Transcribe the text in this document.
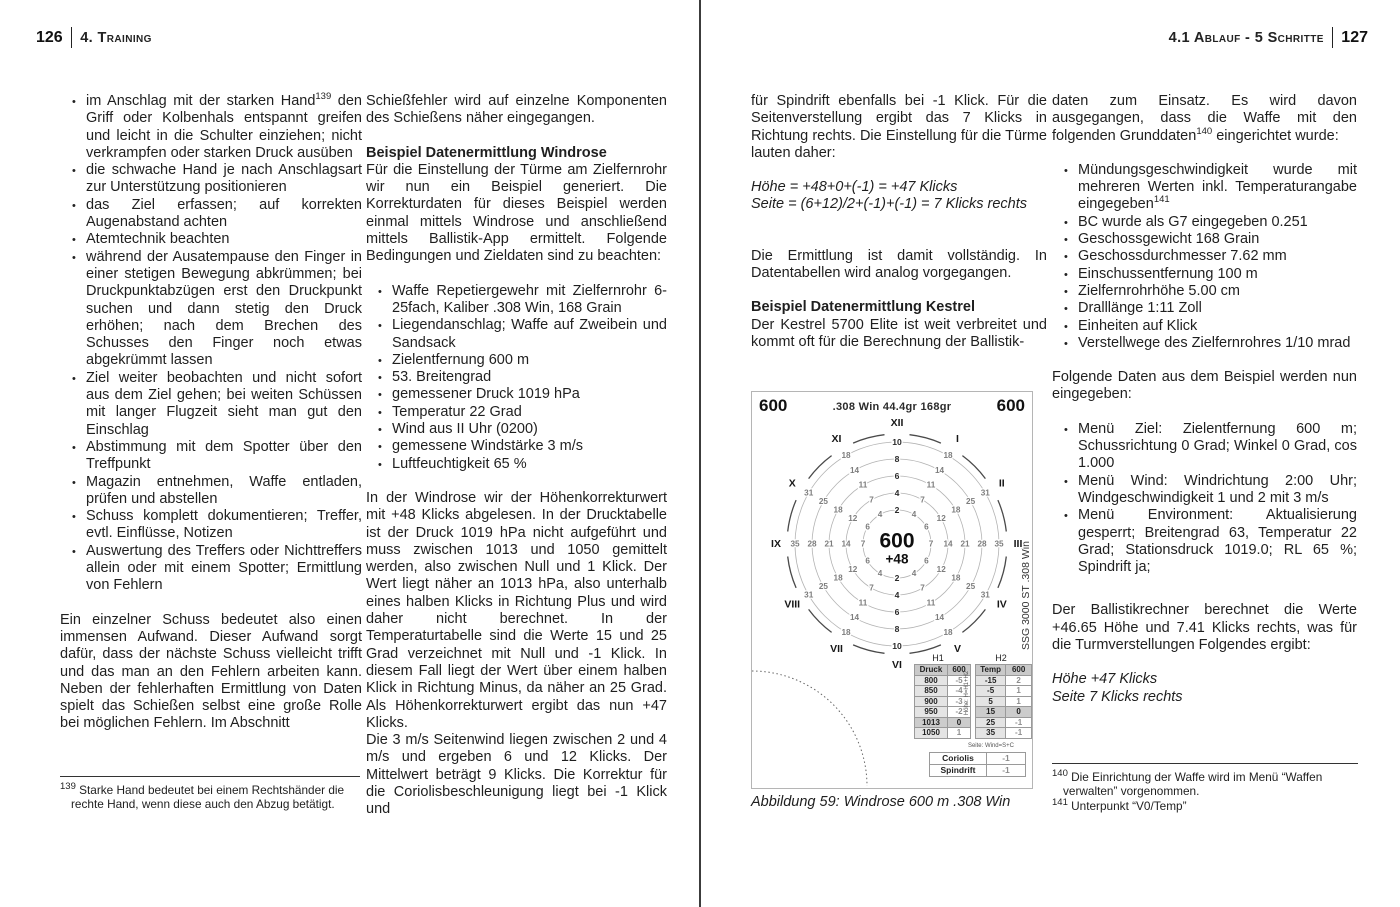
126 4. Training	4.1 Ablauf - 5 Schritte 127
• im Anschlag mit der starken Hand$^{139}$ den Griff oder Kolbenhals entspannt greifen und leicht in die Schulter einziehen; nicht verkrampfen oder starken Druck ausüben
• die schwache Hand je nach Anschlagsart zur Unterstützung positionieren
• das Ziel erfassen; auf korrekten Augenabstand achten
• Atemtechnik beachten
• während der Ausatempause den Finger in einer stetigen Bewegung abkrümmen; bei Druckpunktabzügen erst den Druckpunkt suchen und dann stetig den Druck erhöhen; nach dem Brechen des Schusses den Finger noch etwas abgekrümmt lassen
• Ziel weiter beobachten und nicht sofort aus dem Ziel gehen; bei weiten Schüssen mit langer Flugzeit sieht man gut den Einschlag
• Abstimmung mit dem Spotter über den Treffpunkt
• Magazin entnehmen, Waffe entladen, prüfen und abstellen
• Schuss komplett dokumentieren; Treffer, evtl. Einflüsse, Notizen
• Auswertung des Treffers oder Nichttreffers allein oder mit einem Spotter; Ermittlung von Fehlern

Ein einzelner Schuss bedeutet also einen immensen Aufwand. Dieser Aufwand sorgt dafür, dass der nächste Schuss vielleicht trifft und das man an den Fehlern arbeiten kann. Neben der fehlerhaften Ermittlung von Daten spielt das Schießen selbst eine große Rolle bei möglichen Fehlern. Im Abschnitt

Schießfehler wird auf einzelne Komponenten des Schießens näher eingegangen.

Beispiel Datenermittlung Windrose

Für die Einstellung der Türme am Zielfernrohr wir nun ein Beispiel generiert. Die Korrekturdaten für dieses Beispiel werden einmal mittels Windrose und anschließend mittels Ballistik-App ermittelt. Folgende Bedingungen und Zieldaten sind zu beachten:

• Waffe Repetiergewehr mit Zielfernrohr 6-25fach, Kaliber .308 Win, 168 Grain
• Liegendanschlag; Waffe auf Zweibein und Sandsack
• Zielentfernung 600 m
• 53. Breitengrad
• gemessener Druck 1019 hPa
• Temperatur 22 Grad
• Wind aus II Uhr (0200)
• gemessene Windstärke 3 m/s
• Luftfeuchtigkeit 65 %

In der Windrose wir der Höhenkorrekturwert mit +48 Klicks abgelesen. In der Drucktabelle ist der Druck 1019 hPa nicht aufgeführt und muss zwischen 1013 und 1050 gemittelt werden, also zwischen Null und 1 Klick. Der Wert liegt näher an 1013 hPa, also unterhalb eines halben Klicks in Richtung Plus und wird daher nicht berechnet. In der Temperaturtabelle sind die Werte 15 und 25 Grad verzeichnet mit Null und -1 Klick. In diesem Fall liegt der Wert über einem halben Klick in Richtung Minus, da näher an 25 Grad. Als Höhenkorrekturwert ergibt das nun +47 Klicks.

Die 3 m/s Seitenwind liegen zwischen 2 und 4 m/s und ergeben 6 und 12 Klicks. Der Mittelwert beträgt 9 Klicks. Die Korrektur für die Coriolisbeschleunigung liegt bei -1 Klick und

$^{139}$ Starke Hand bedeutet bei einem Rechtshänder die rechte Hand, wenn diese auch den Abzug betätigt.

für Spindrift ebenfalls bei -1 Klick. Für die Seitenverstellung ergibt das 7 Klicks in Richtung rechts. Die Einstellung für die Türme lauten daher:

Höhe = +48+0+(-1) = +47 Klicks

Seite = (6+12)/2+(-1)+(-1) = 7 Klicks rechts

Die Ermittlung ist damit vollständig. In Datentabellen wird analog vorgegangen.

Beispiel Datenermittlung Kestrel

Der Kestrel 5700 Elite ist weit verbreitet und kommt oft für die Berechnung der Ballistik-

600	600
.308 Win 44.4gr 168gr
SSG 3000 ST .308 Win
2
4
6
8
10
4
7
11
14
18
6
12
18
25
31
7 14 21 28 35
6
12
18
25
31
4
7
11
14
18
2
4
6
8
10
4
7
11
14
18
6
12
18
25
31
7
14
21
28
35
6
12
18
25
31
4
7
11
14
18
XII
I
II
III
IV
V
VI
VII
VIII
IX
X
XI
600
+48
H1	H2
Druck	600
800	-5
850	-4
900	-3
950	-2
1013	0
1050	1
Temp	600
-15	2
-5	1
5	1
15	0
25	-1
35	-1
Höhe: H=H1+H2
Seite: Wind=S+C
Coriolis	-1
Spindrift	-1
Abbildung 59: Windrose 600 m .308 Win

daten zum Einsatz. Es wird davon ausgegangen, dass die Waffe mit den folgenden Grunddaten$^{140}$ eingerichtet wurde:

• Mündungsgeschwindigkeit wurde mit mehreren Werten inkl. Temperaturangabe eingegeben$^{141}$
• BC wurde als G7 eingegeben 0.251
• Geschossgewicht 168 Grain
• Geschossdurchmesser 7.62 mm
• Einschussentfernung 100 m
• Zielfernrohrhöhe 5.00 cm
• Dralllänge 1:11 Zoll
• Einheiten auf Klick
• Verstellwege des Zielfernrohres 1/10 mrad

Folgende Daten aus dem Beispiel werden nun eingegeben:

• Menü Ziel: Zielentfernung 600 m; Schussrichtung 0 Grad; Winkel 0 Grad, cos 1.000
• Menü Wind: Windrichtung 2:00 Uhr; Windgeschwindigkeit 1 und 2 mit 3 m/s
• Menü Environment: Aktualisierung gesperrt; Breitengrad 63, Temperatur 22 Grad; Stationsdruck 1019.0; RL 65 %; Spindrift ja;

Der Ballistikrechner berechnet die Werte +46.65 Höhe und 7.41 Klicks rechts, was für die Turmverstellungen Folgendes ergibt:

Höhe +47 Klicks

Seite 7 Klicks rechts

$^{140}$ Die Einrichtung der Waffe wird im Menü “Waffen verwalten” vorgenommen.

$^{141}$ Unterpunkt “V0/Temp”
